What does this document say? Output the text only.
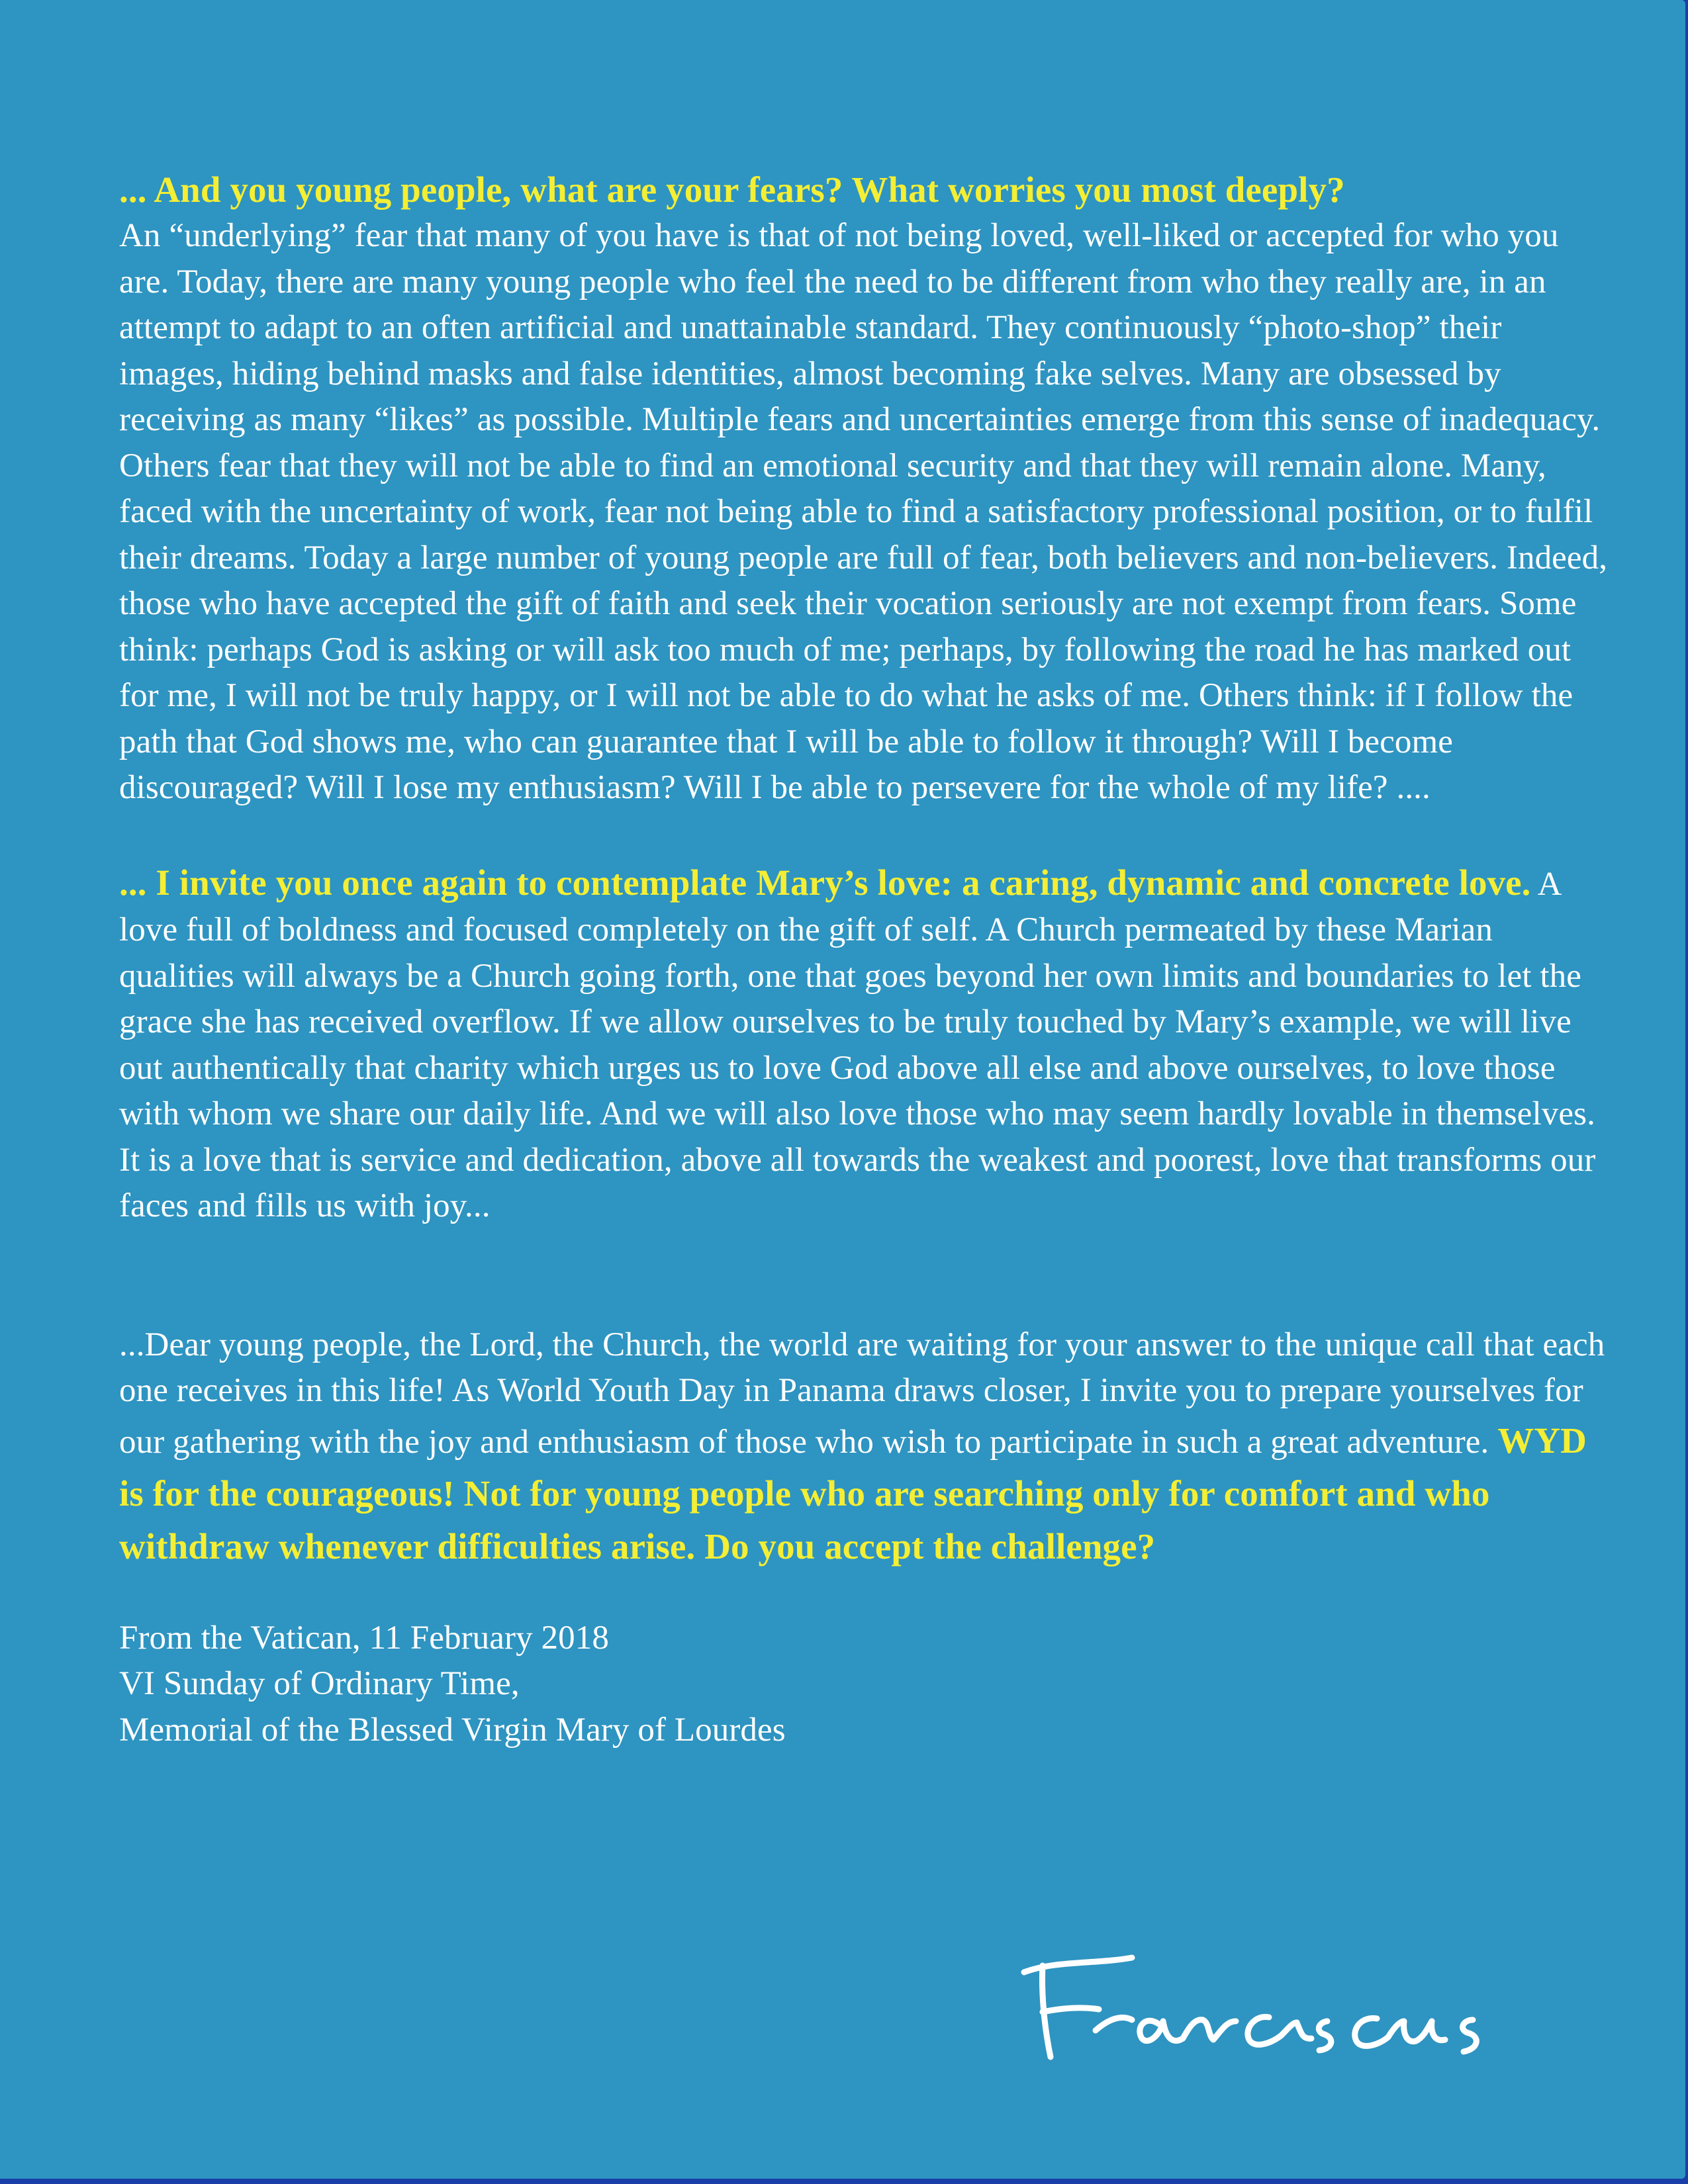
... And you young people, what are your fears? What worries you most deeply?
An “underlying” fear that many of you have is that of not being loved, well-liked or accepted for who you are. Today, there are many young people who feel the need to be different from who they really are, in an attempt to adapt to an often artificial and unattainable standard. They continuously “photo-shop” their images, hiding behind masks and false identities, almost becoming fake selves. Many are obsessed by receiving as many “likes” as possible. Multiple fears and uncertainties emerge from this sense of inadequacy. Others fear that they will not be able to find an emotional security and that they will remain alone. Many, faced with the uncertainty of work, fear not being able to find a satisfactory professional position, or to fulfil their dreams. Today a large number of young people are full of fear, both believers and non-believers. Indeed, those who have accepted the gift of faith and seek their vocation seriously are not exempt from fears. Some think: perhaps God is asking or will ask too much of me; perhaps, by following the road he has marked out for me, I will not be truly happy, or I will not be able to do what he asks of me. Others think: if I follow the path that God shows me, who can guarantee that I will be able to follow it through? Will I become discouraged? Will I lose my enthusiasm? Will I be able to persevere for the whole of my life? ....

... I invite you once again to contemplate Mary’s love: a caring, dynamic and concrete love. A love full of boldness and focused completely on the gift of self. A Church permeated by these Marian qualities will always be a Church going forth, one that goes beyond her own limits and boundaries to let the grace she has received overflow. If we allow ourselves to be truly touched by Mary’s example, we will live out authentically that charity which urges us to love God above all else and above ourselves, to love those with whom we share our daily life. And we will also love those who may seem hardly lovable in themselves. It is a love that is service and dedication, above all towards the weakest and poorest, love that transforms our faces and fills us with joy...

...Dear young people, the Lord, the Church, the world are waiting for your answer to the unique call that each one receives in this life! As World Youth Day in Panama draws closer, I invite you to prepare yourselves for our gathering with the joy and enthusiasm of those who wish to participate in such a great adventure. WYD is for the courageous! Not for young people who are searching only for comfort and who withdraw whenever difficulties arise. Do you accept the challenge?

From the Vatican, 11 February 2018
VI Sunday of Ordinary Time,
Memorial of the Blessed Virgin Mary of Lourdes
